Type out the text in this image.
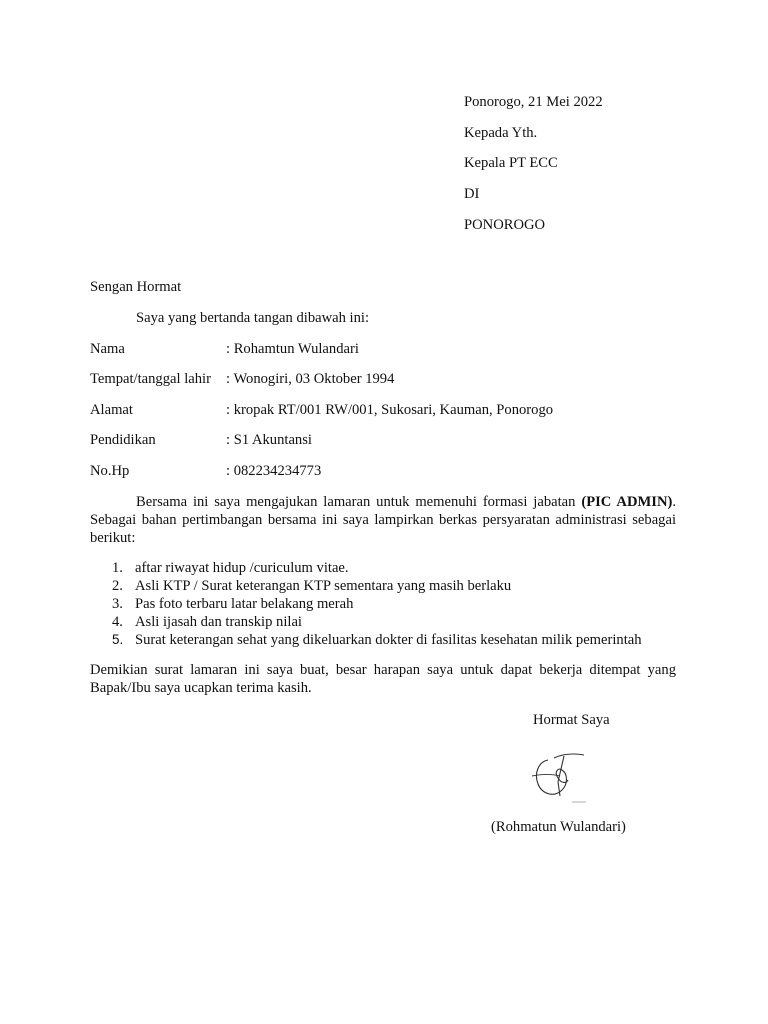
Ponorogo, 21 Mei 2022
Kepada Yth.
Kepala PT ECC
DI
PONOROGO
Sengan Hormat
Saya yang bertanda tangan dibawah ini:
Nama	: Rohamtun Wulandari
Tempat/tanggal lahir : Wonogiri, 03 Oktober 1994
Alamat	: kropak RT/001 RW/001, Sukosari, Kauman, Ponorogo
Pendidikan	: S1 Akuntansi
No.Hp	: 082234234773
Bersama ini saya mengajukan lamaran untuk memenuhi formasi jabatan (PIC ADMIN). Sebagai bahan pertimbangan bersama ini saya lampirkan berkas persyaratan administrasi sebagai berikut:
1. aftar riwayat hidup /curiculum vitae.
2. Asli KTP / Surat keterangan KTP sementara yang masih berlaku
3. Pas foto terbaru latar belakang merah
4. Asli ijasah dan transkip nilai
5. Surat keterangan sehat yang dikeluarkan dokter di fasilitas kesehatan milik pemerintah
Demikian surat lamaran ini saya buat, besar harapan saya untuk dapat bekerja ditempat yang Bapak/Ibu saya ucapkan terima kasih.
Hormat Saya
(Rohmatun Wulandari)
